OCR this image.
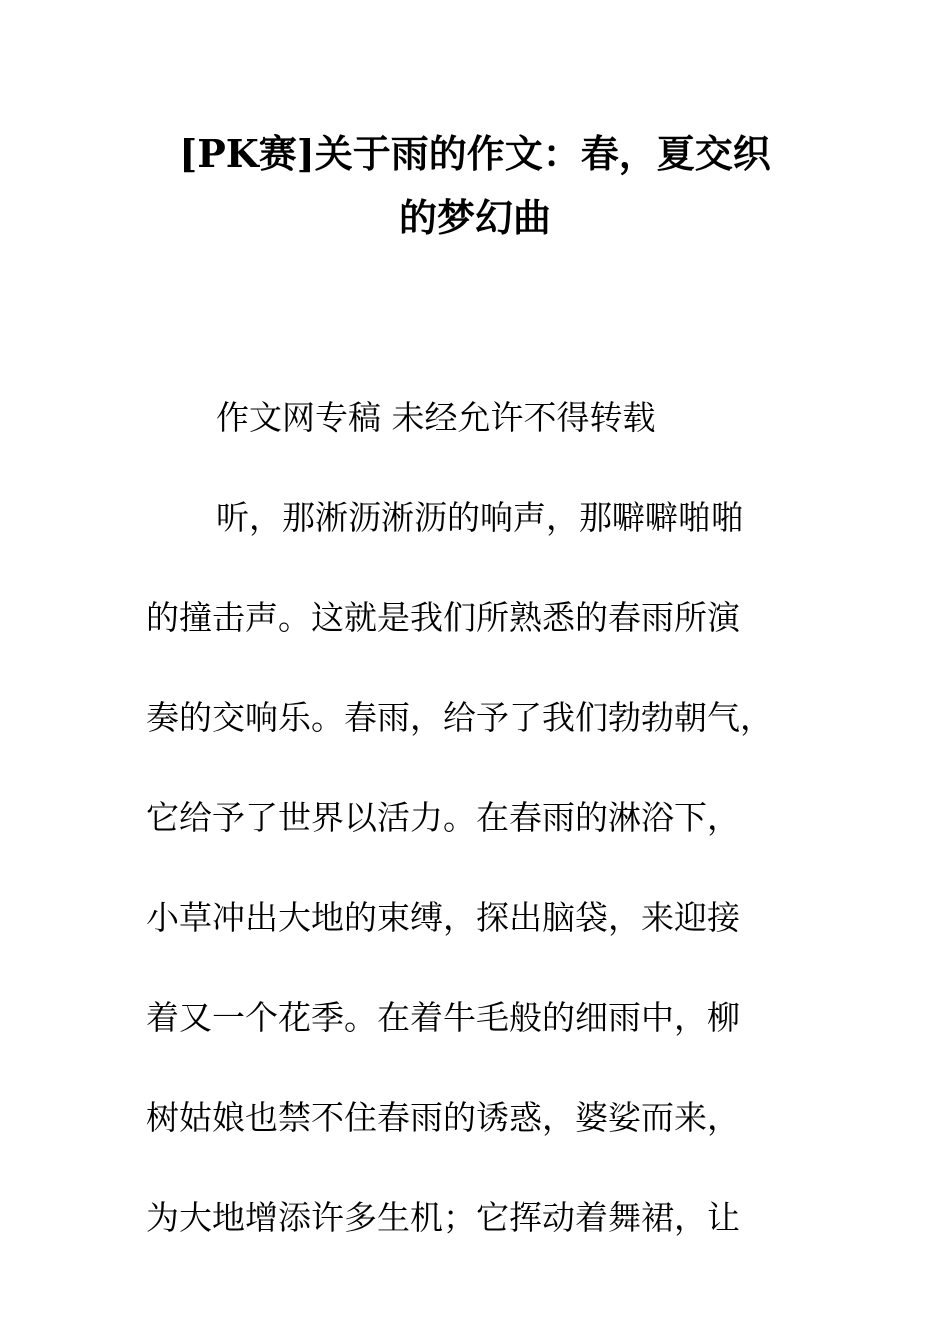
[PK赛]关于雨的作文：春，夏交织
的梦幻曲
作文网专稿 未经允许不得转载
听，那淅沥淅沥的响声，那噼噼啪啪
的撞击声。这就是我们所熟悉的春雨所演
奏的交响乐。春雨，给予了我们勃勃朝气，
它给予了世界以活力。在春雨的淋浴下，
小草冲出大地的束缚，探出脑袋，来迎接
着又一个花季。在着牛毛般的细雨中，柳
树姑娘也禁不住春雨的诱惑，婆娑而来，
为大地增添许多生机；它挥动着舞裙，让
